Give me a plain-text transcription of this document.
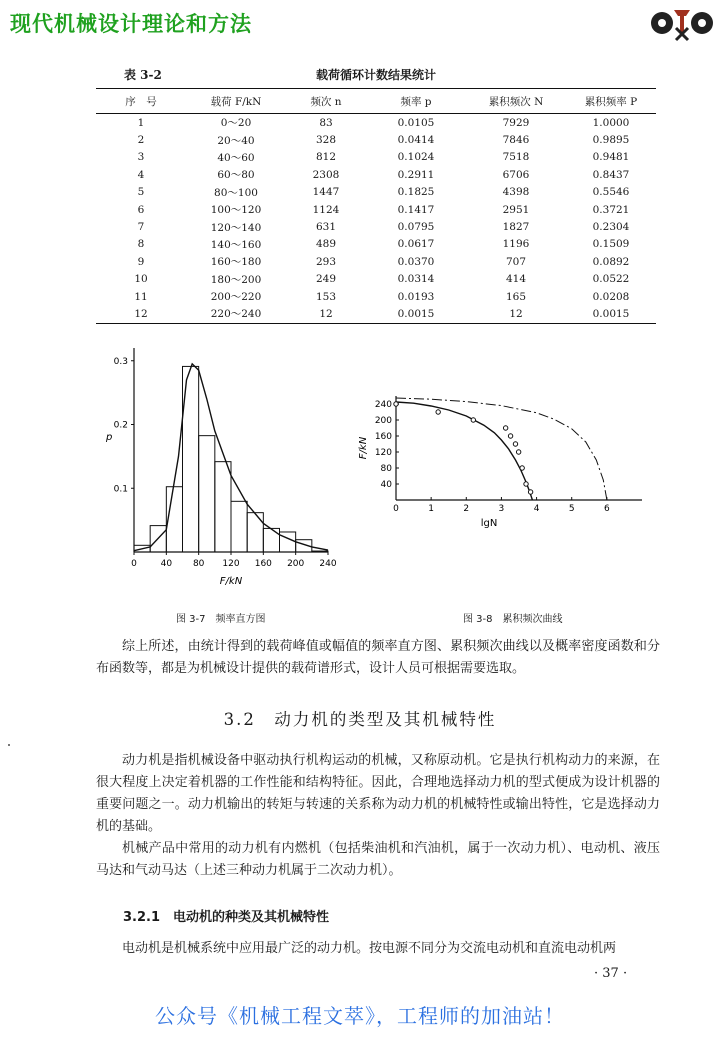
现代机械设计理论和方法
表 3-2	载荷循环计数结果统计
序　号	载荷 F/kN	频次 n	频率 p	累积频次 N	累积频率 P
1	0～20	83	0.0105	7929	1.0000
2	20～40	328	0.0414	7846	0.9895
3	40～60	812	0.1024	7518	0.9481
4	60～80	2308	0.2911	6706	0.8437
5	80～100	1447	0.1825	4398	0.5546
6	100～120	1124	0.1417	2951	0.3721
7	120～140	631	0.0795	1827	0.2304
8	140～160	489	0.0617	1196	0.1509
9	160～180	293	0.0370	707	0.0892
10	180～200	249	0.0314	414	0.0522
11	200～220	153	0.0193	165	0.0208
12	220～240	12	0.0015	12	0.0015
0	40 80 120 160 200 240
0.1
0.2
0.3
F/kN
p
图 3-7　频率直方图
0	1	2	3	4	5	6
40
80
120
160
200
240
lgN
F/kN
图 3-8　累积频次曲线

综上所述，由统计得到的载荷峰值或幅值的频率直方图、累积频次曲线以及概率密度函数和分布函数等，都是为机械设计提供的载荷谱形式，设计人员可根据需要选取。

3.2　动力机的类型及其机械特性

动力机是指机械设备中驱动执行机构运动的机械，又称原动机。它是执行机构动力的来源，在很大程度上决定着机器的工作性能和结构特征。因此，合理地选择动力机的型式便成为设计机器的重要问题之一。动力机输出的转矩与转速的关系称为动力机的机械特性或输出特性，它是选择动力机的基础。

机械产品中常用的动力机有内燃机（包括柴油机和汽油机，属于一次动力机）、电动机、液压马达和气动马达（上述三种动力机属于二次动力机）。

3.2.1　电动机的种类及其机械特性

电动机是机械系统中应用最广泛的动力机。按电源不同分为交流电动机和直流电动机两

· 37 ·
公众号《机械工程文萃》，工程师的加油站！
